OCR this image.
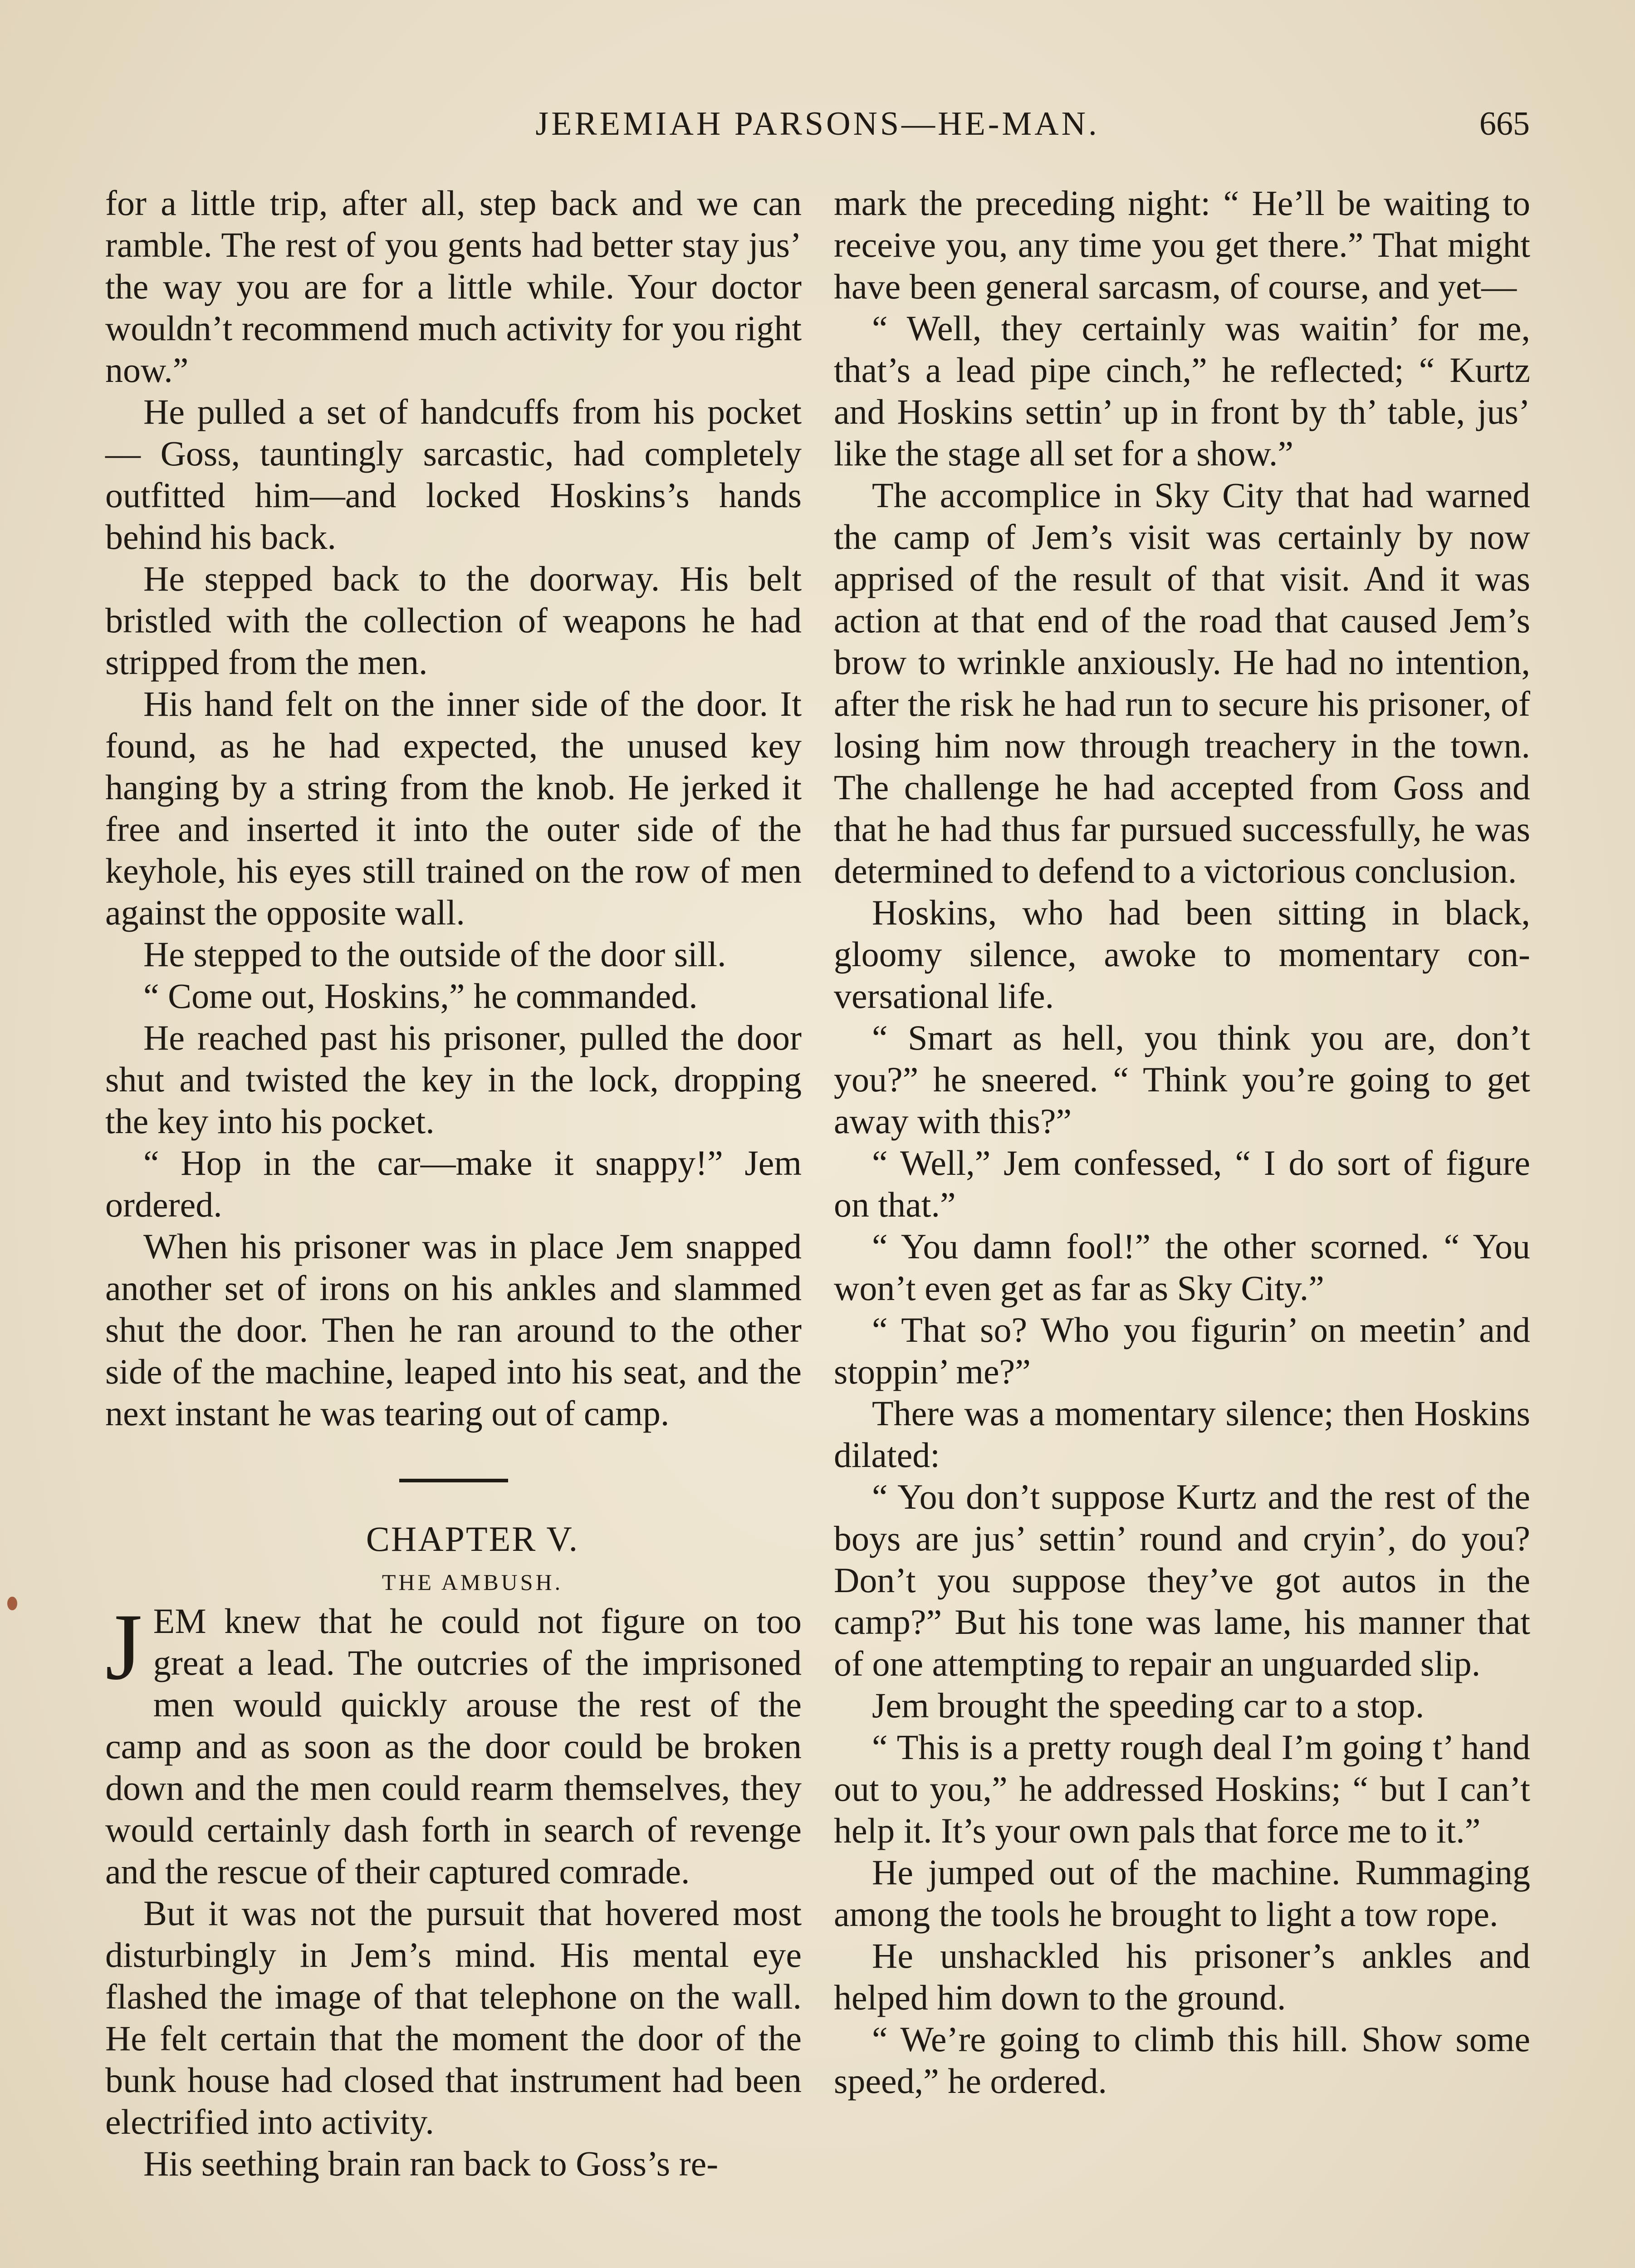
JEREMIAH PARSONS—HE-MAN.	665

for a little trip, after all, step back and we can ramble. The rest of you gents had better stay jus’ the way you are for a little while. Your doctor wouldn’t recommend much activity for you right now.”

He pulled a set of handcuffs from his pocket— Goss, tauntingly sarcastic, had completely outfitted him—and locked Hoskins’s hands behind his back.

He stepped back to the doorway. His belt bristled with the collection of weapons he had stripped from the men.

His hand felt on the inner side of the door. It found, as he had expected, the unused key hanging by a string from the knob. He jerked it free and inserted it into the outer side of the keyhole, his eyes still trained on the row of men against the opposite wall.

He stepped to the outside of the door sill.

“ Come out, Hoskins,” he commanded.

He reached past his prisoner, pulled the door shut and twisted the key in the lock, dropping the key into his pocket.

“ Hop in the car—make it snappy!” Jem ordered.

When his prisoner was in place Jem snapped another set of irons on his ankles and slammed shut the door. Then he ran around to the other side of the machine, leaped into his seat, and the next instant he was tearing out of camp.

CHAPTER V.

THE AMBUSH.

JEM knew that he could not figure on too great a lead. The outcries of the imprisoned men would quickly arouse the rest of the camp and as soon as the door could be broken down and the men could rearm themselves, they would certainly dash forth in search of revenge and the rescue of their captured comrade.

But it was not the pursuit that hovered most disturbingly in Jem’s mind. His mental eye flashed the image of that telephone on the wall. He felt certain that the moment the door of the bunk house had closed that instrument had been electrified into activity.

His seething brain ran back to Goss’s re-

mark the preceding night: “ He’ll be waiting to receive you, any time you get there.” That might have been general sarcasm, of course, and yet—

“ Well, they certainly was waitin’ for me, that’s a lead pipe cinch,” he reflected; “ Kurtz and Hoskins settin’ up in front by th’ table, jus’ like the stage all set for a show.”

The accomplice in Sky City that had warned the camp of Jem’s visit was certainly by now apprised of the result of that visit. And it was action at that end of the road that caused Jem’s brow to wrinkle anxiously. He had no intention, after the risk he had run to secure his prisoner, of losing him now through treachery in the town. The challenge he had accepted from Goss and that he had thus far pursued successfully, he was determined to defend to a victorious conclusion.

Hoskins, who had been sitting in black, gloomy silence, awoke to momentary conversational life.

“ Smart as hell, you think you are, don’t you?” he sneered. “ Think you’re going to get away with this?”

“ Well,” Jem confessed, “ I do sort of figure on that.”

“ You damn fool!” the other scorned. “ You won’t even get as far as Sky City.”

“ That so? Who you figurin’ on meetin’ and stoppin’ me?”

There was a momentary silence; then Hoskins dilated:

“ You don’t suppose Kurtz and the rest of the boys are jus’ settin’ round and cryin’, do you? Don’t you suppose they’ve got autos in the camp?” But his tone was lame, his manner that of one attempting to repair an unguarded slip.

Jem brought the speeding car to a stop.

“ This is a pretty rough deal I’m going t’ hand out to you,” he addressed Hoskins; “ but I can’t help it. It’s your own pals that force me to it.”

He jumped out of the machine. Rummaging among the tools he brought to light a tow rope.

He unshackled his prisoner’s ankles and helped him down to the ground.

“ We’re going to climb this hill. Show some speed,” he ordered.
